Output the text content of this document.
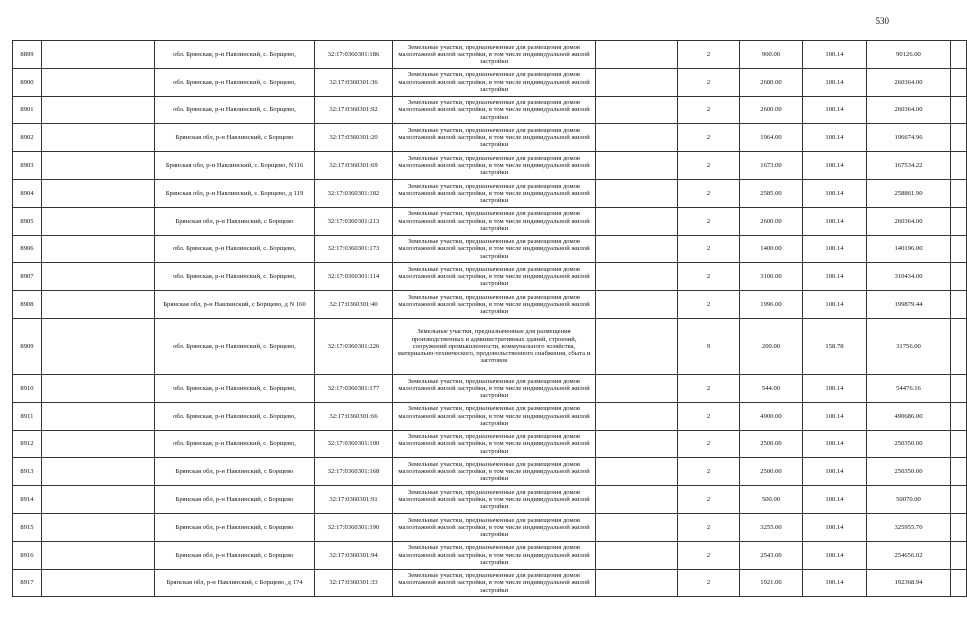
530
8899		обл. Брянская, р-н Навлинский, с. Борщево,	32:17:0360301:186	Земельные участки, предназначенные для размещения домов малоэтажной жилой застройки, в том числе индивидуальной жилой застройки		2	900.00	100.14	90126.00	
8900		обл. Брянская, р-н Навлинский, с. Борщево,	32:17:0360301:36	Земельные участки, предназначенные для размещения домов малоэтажной жилой застройки, в том числе индивидуальной жилой застройки		2	2600.00	100.14	260364.00	
8901		обл. Брянская, р-н Навлинский, с. Борщево,	32:17:0360301:92	Земельные участки, предназначенные для размещения домов малоэтажной жилой застройки, в том числе индивидуальной жилой застройки		2	2600.00	100.14	260364.00	
8902		Брянская обл, р-н Навлинский, с Борщево	32:17:0360301:20	Земельные участки, предназначенные для размещения домов малоэтажной жилой застройки, в том числе индивидуальной жилой застройки		2	1964.00	100.14	196674.96	
8903		Брянская обл, р-н Навлинский, с. Борщево, N116	32:17:0360301:69	Земельные участки, предназначенные для размещения домов малоэтажной жилой застройки, в том числе индивидуальной жилой застройки		2	1673.00	100.14	167534.22	
8904		Брянская обл, р-н Навлинский, с. Борщево, д 119	32:17:0360301:182	Земельные участки, предназначенные для размещения домов малоэтажной жилой застройки, в том числе индивидуальной жилой застройки		2	2585.00	100.14	258861.90	
8905		Брянская обл, р-н Навлинский, с Борщево	32:17:0360301:213	Земельные участки, предназначенные для размещения домов малоэтажной жилой застройки, в том числе индивидуальной жилой застройки		2	2600.00	100.14	260364.00	
8906		обл. Брянская, р-н Навлинский, с. Борщево,	32:17:0360301:173	Земельные участки, предназначенные для размещения домов малоэтажной жилой застройки, в том числе индивидуальной жилой застройки		2	1400.00	100.14	140196.00	
8907		обл. Брянская, р-н Навлинский, с. Борщево,	32:17:0360301:114	Земельные участки, предназначенные для размещения домов малоэтажной жилой застройки, в том числе индивидуальной жилой застройки		2	3100.00	100.14	310434.00	
8908		Брянская обл, р-н Навлинский, с Борщево, д N 160	32:17:0360301:40	Земельные участки, предназначенные для размещения домов малоэтажной жилой застройки, в том числе индивидуальной жилой застройки		2	1996.00	100.14	199879.44	
8909		обл. Брянская, р-н Навлинский, с. Борщево,	32:17:0360301:226	Земельные участки, предназначенные для размещения производственных и административных зданий, строений, сооружений промышленности, коммунального хозяйства, материально-технического, продовольственного снабжения, сбыта и заготовок		9	200.00	158.78	31756.00	
8910		обл. Брянская, р-н Навлинский, с. Борщево,	32:17:0360301:177	Земельные участки, предназначенные для размещения домов малоэтажной жилой застройки, в том числе индивидуальной жилой застройки		2	544.00	100.14	54476.16	
8911		обл. Брянская, р-н Навлинский, с. Борщево,	32:17:0360301:66	Земельные участки, предназначенные для размещения домов малоэтажной жилой застройки, в том числе индивидуальной жилой застройки		2	4900.00	100.14	490686.00	
8912		обл. Брянская, р-н Навлинский, с. Борщево,	32:17:0360301:100	Земельные участки, предназначенные для размещения домов малоэтажной жилой застройки, в том числе индивидуальной жилой застройки		2	2500.00	100.14	250350.00	
8913		Брянская обл, р-н Навлинский, с Борщево	32:17:0360301:168	Земельные участки, предназначенные для размещения домов малоэтажной жилой застройки, в том числе индивидуальной жилой застройки		2	2500.00	100.14	250350.00	
8914		Брянская обл, р-н Навлинский, с Борщево	32:17:0360301:91	Земельные участки, предназначенные для размещения домов малоэтажной жилой застройки, в том числе индивидуальной жилой застройки		2	500.00	100.14	50070.00	
8915		Брянская обл, р-н Навлинский, с Борщево	32:17:0360301:190	Земельные участки, предназначенные для размещения домов малоэтажной жилой застройки, в том числе индивидуальной жилой застройки		2	3255.00	100.14	325955.70	
8916		Брянская обл, р-н Навлинский, с Борщево	32:17:0360301:94	Земельные участки, предназначенные для размещения домов малоэтажной жилой застройки, в том числе индивидуальной жилой застройки		2	2543.00	100.14	254656.02	
8917		Брянская обл, р-н Навлинский, с Борщево, д 174	32:17:0360301:33	Земельные участки, предназначенные для размещения домов малоэтажной жилой застройки, в том числе индивидуальной жилой застройки		2	1921.00	100.14	192368.94	
